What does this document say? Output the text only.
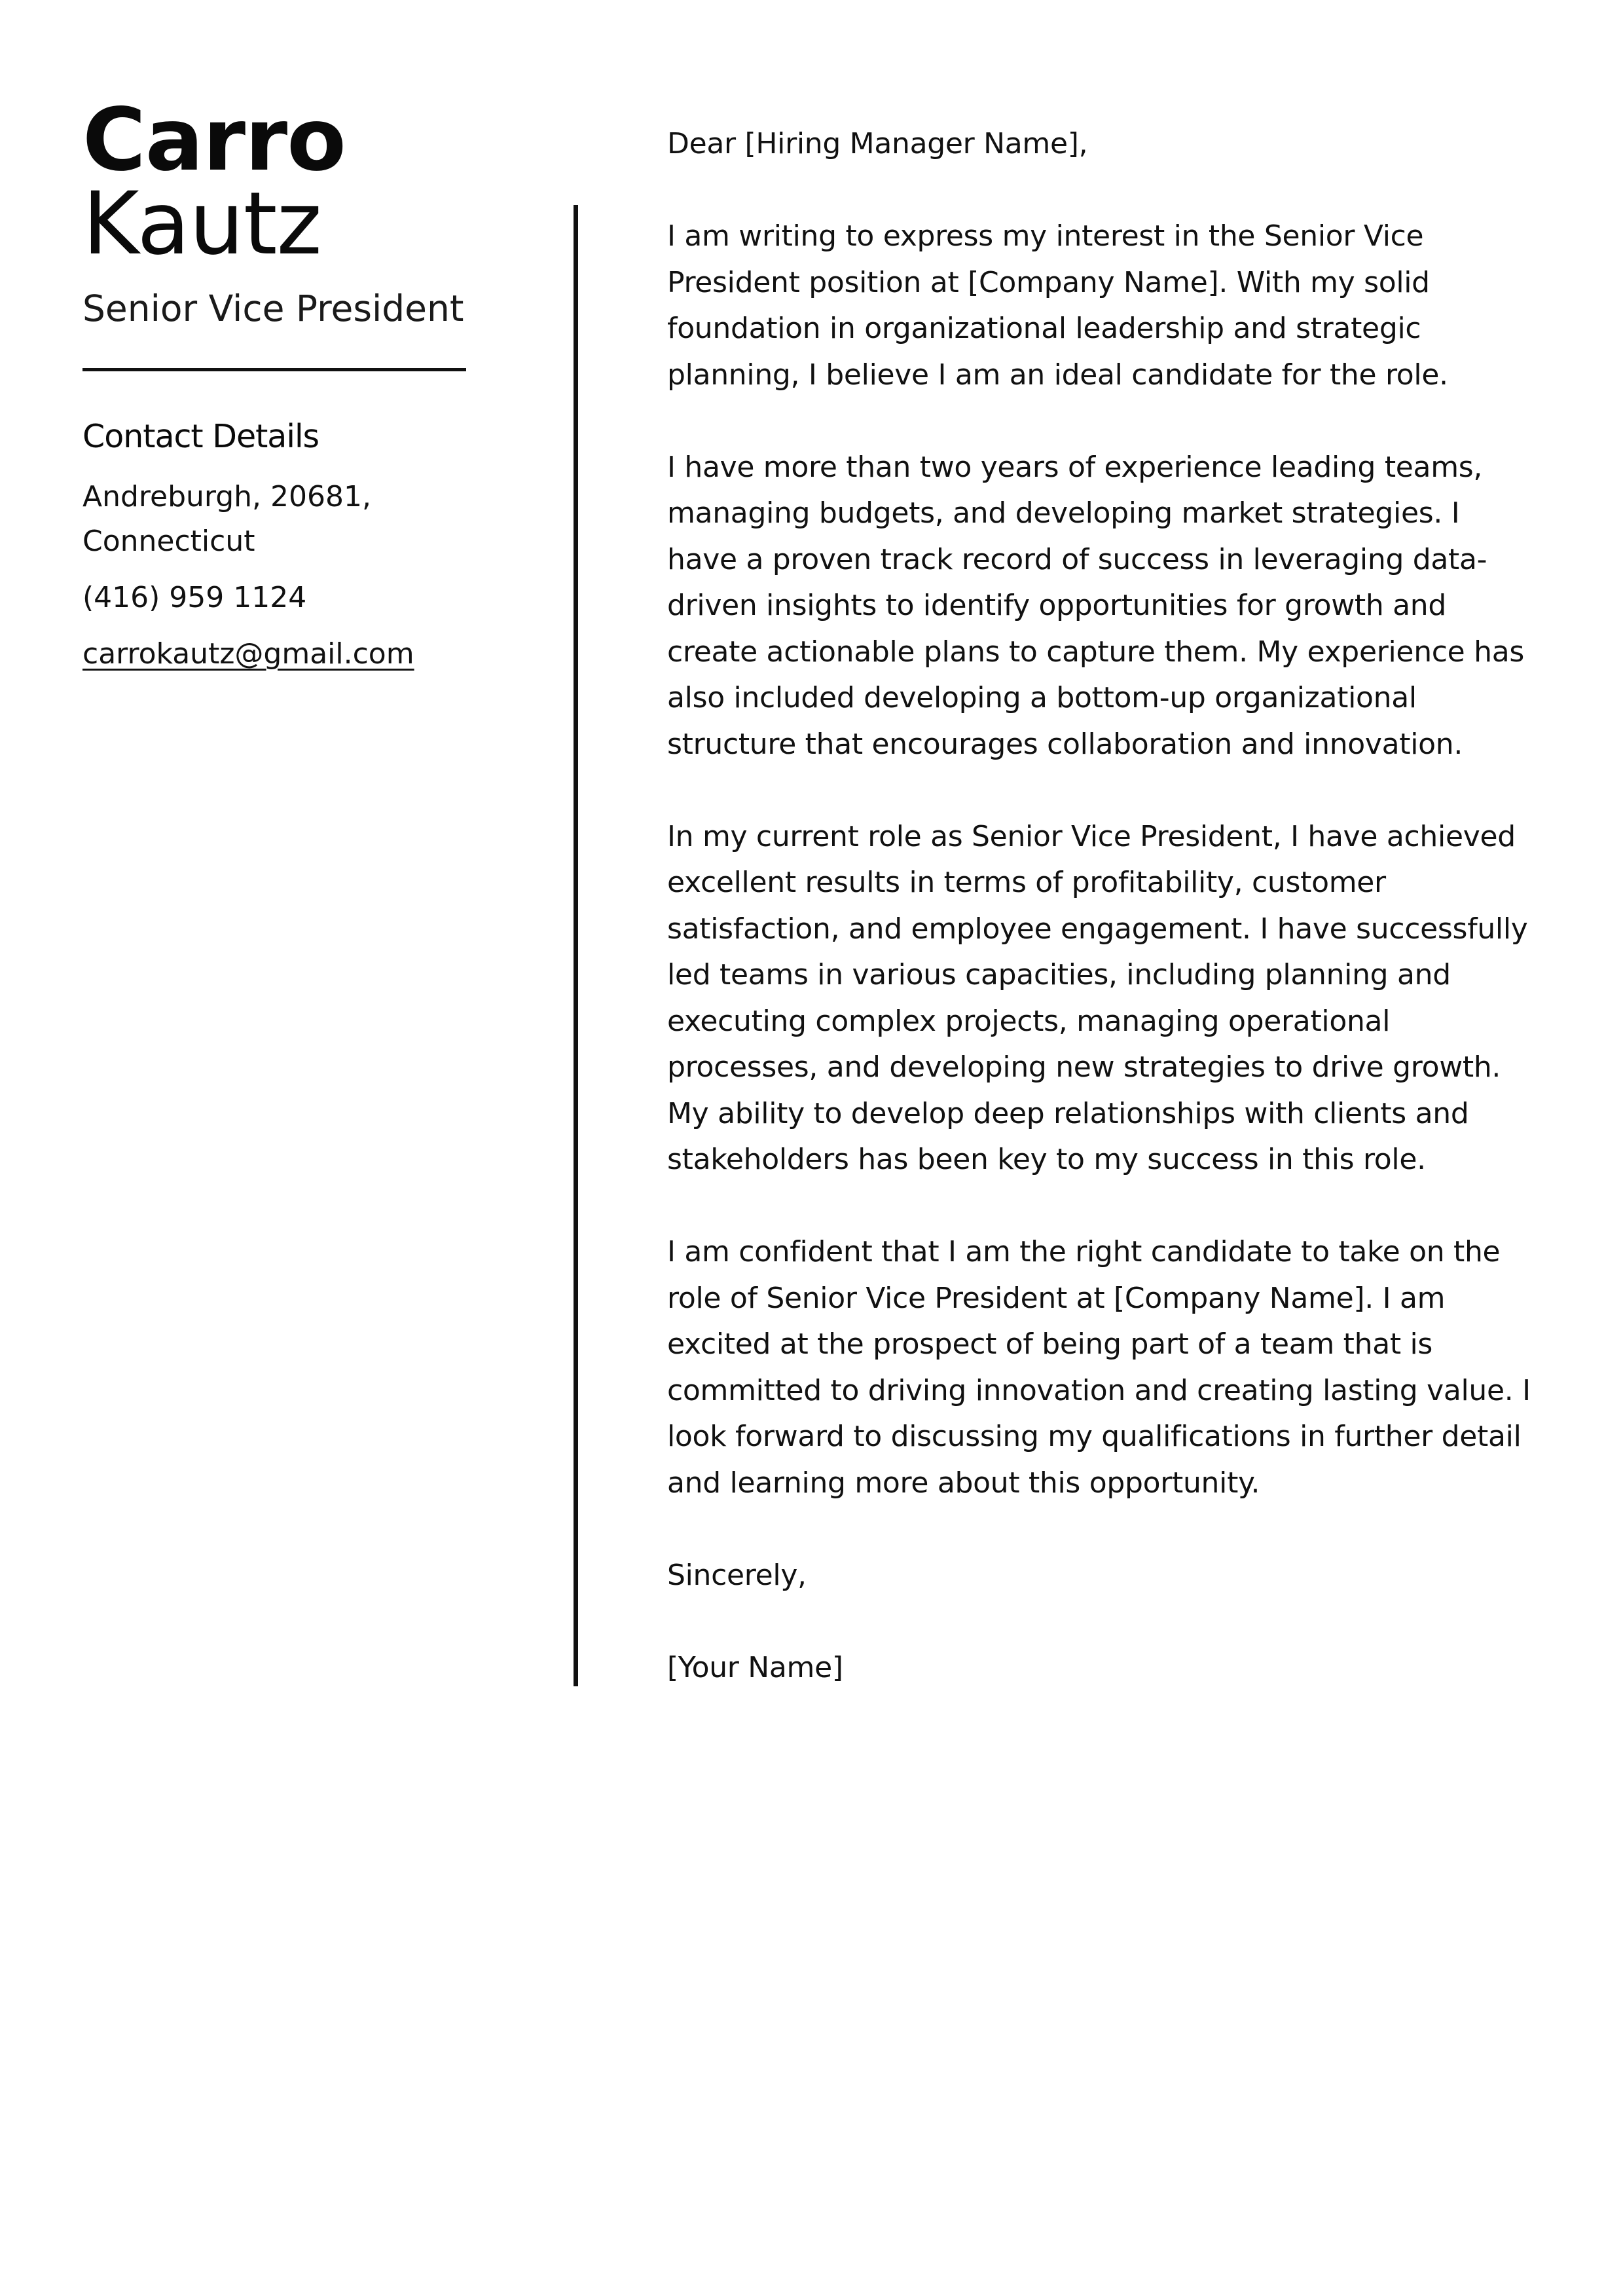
Carro
Kautz
Senior Vice President
Contact Details
Andreburgh, 20681, Connecticut
(416) 959 1124
carrokautz@gmail.com

Dear [Hiring Manager Name],

I am writing to express my interest in the Senior Vice President position at [Company Name]. With my solid foundation in organizational leadership and strategic planning, I believe I am an ideal candidate for the role.

I have more than two years of experience leading teams, managing budgets, and developing market strategies. I have a proven track record of success in leveraging data-driven insights to identify opportunities for growth and create actionable plans to capture them. My experience has also included developing a bottom-up organizational structure that encourages collaboration and innovation.

In my current role as Senior Vice President, I have achieved excellent results in terms of profitability, customer satisfaction, and employee engagement. I have successfully led teams in various capacities, including planning and executing complex projects, managing operational processes, and developing new strategies to drive growth. My ability to develop deep relationships with clients and stakeholders has been key to my success in this role.

I am confident that I am the right candidate to take on the role of Senior Vice President at [Company Name]. I am excited at the prospect of being part of a team that is committed to driving innovation and creating lasting value. I look forward to discussing my qualifications in further detail and learning more about this opportunity.

Sincerely,

[Your Name]
